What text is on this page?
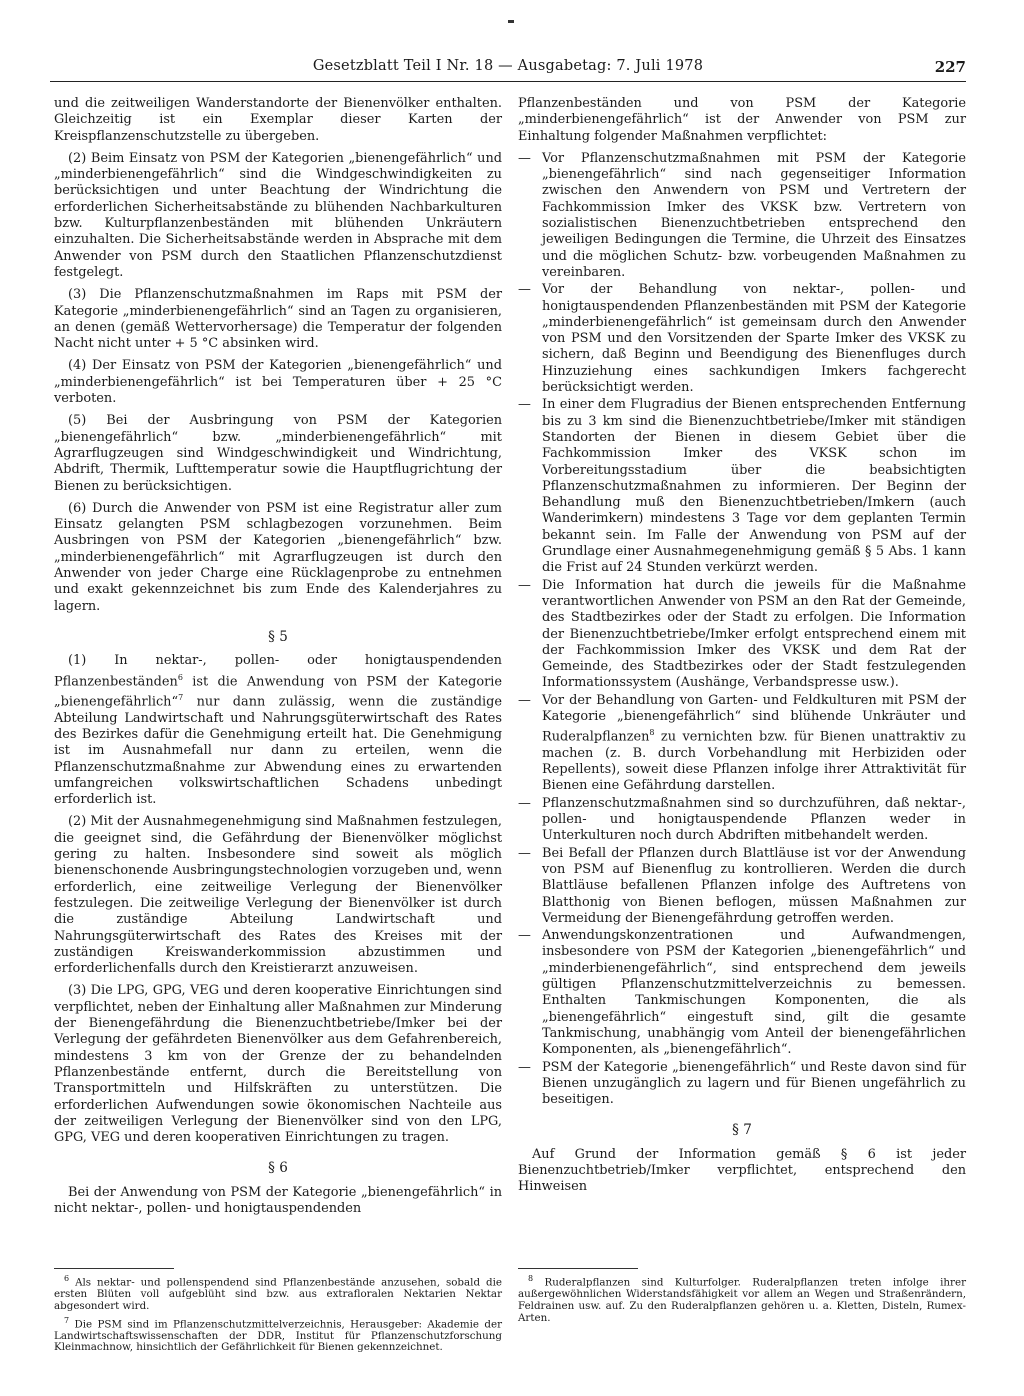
Gesetzblatt Teil I Nr. 18 — Ausgabetag: 7. Juli 1978	227

und die zeitweiligen Wanderstandorte der Bienenvölker enthalten. Gleichzeitig ist ein Exemplar dieser Karten der Kreispflanzenschutzstelle zu übergeben.

(2) Beim Einsatz von PSM der Kategorien „bienengefährlich“ und „minderbienengefährlich“ sind die Windgeschwindigkeiten zu berücksichtigen und unter Beachtung der Windrichtung die erforderlichen Sicherheitsabstände zu blühenden Nachbarkulturen bzw. Kulturpflanzenbeständen mit blühenden Unkräutern einzuhalten. Die Sicherheitsabstände werden in Absprache mit dem Anwender von PSM durch den Staatlichen Pflanzenschutzdienst festgelegt.

(3) Die Pflanzenschutzmaßnahmen im Raps mit PSM der Kategorie „minderbienengefährlich“ sind an Tagen zu organisieren, an denen (gemäß Wettervorhersage) die Temperatur der folgenden Nacht nicht unter + 5 °C absinken wird.

(4) Der Einsatz von PSM der Kategorien „bienengefährlich“ und „minderbienengefährlich“ ist bei Temperaturen über + 25 °C verboten.

(5) Bei der Ausbringung von PSM der Kategorien „bienengefährlich“ bzw. „minderbienengefährlich“ mit Agrarflugzeugen sind Windgeschwindigkeit und Windrichtung, Abdrift, Thermik, Lufttemperatur sowie die Hauptflugrichtung der Bienen zu berücksichtigen.

(6) Durch die Anwender von PSM ist eine Registratur aller zum Einsatz gelangten PSM schlagbezogen vorzunehmen. Beim Ausbringen von PSM der Kategorien „bienengefährlich“ bzw. „minderbienengefährlich“ mit Agrarflugzeugen ist durch den Anwender von jeder Charge eine Rücklagenprobe zu entnehmen und exakt gekennzeichnet bis zum Ende des Kalenderjahres zu lagern.

§ 5

(1) In nektar-, pollen- oder honigtauspendenden Pflanzenbeständen$^6$ ist die Anwendung von PSM der Kategorie „bienengefährlich“$^7$ nur dann zulässig, wenn die zuständige Abteilung Landwirtschaft und Nahrungsgüterwirtschaft des Rates des Bezirkes dafür die Genehmigung erteilt hat. Die Genehmigung ist im Ausnahmefall nur dann zu erteilen, wenn die Pflanzenschutzmaßnahme zur Abwendung eines zu erwartenden umfangreichen volkswirtschaftlichen Schadens unbedingt erforderlich ist.

(2) Mit der Ausnahmegenehmigung sind Maßnahmen festzulegen, die geeignet sind, die Gefährdung der Bienenvölker möglichst gering zu halten. Insbesondere sind soweit als möglich bienenschonende Ausbringungstechnologien vorzugeben und, wenn erforderlich, eine zeitweilige Verlegung der Bienenvölker festzulegen. Die zeitweilige Verlegung der Bienenvölker ist durch die zuständige Abteilung Landwirtschaft und Nahrungsgüterwirtschaft des Rates des Kreises mit der zuständigen Kreiswanderkommission abzustimmen und erforderlichenfalls durch den Kreistierarzt anzuweisen.

(3) Die LPG, GPG, VEG und deren kooperative Einrichtungen sind verpflichtet, neben der Einhaltung aller Maßnahmen zur Minderung der Bienengefährdung die Bienenzuchtbetriebe/Imker bei der Verlegung der gefährdeten Bienenvölker aus dem Gefahrenbereich, mindestens 3 km von der Grenze der zu behandelnden Pflanzenbestände entfernt, durch die Bereitstellung von Transportmitteln und Hilfskräften zu unterstützen. Die erforderlichen Aufwendungen sowie ökonomischen Nachteile aus der zeitweiligen Verlegung der Bienenvölker sind von den LPG, GPG, VEG und deren kooperativen Einrichtungen zu tragen.

§ 6

Bei der Anwendung von PSM der Kategorie „bienengefährlich“ in nicht nektar-, pollen- und honigtauspendenden

Pflanzenbeständen und von PSM der Kategorie „minderbienengefährlich“ ist der Anwender von PSM zur Einhaltung folgender Maßnahmen verpflichtet:

— Vor Pflanzenschutzmaßnahmen mit PSM der Kategorie „bienengefährlich“ sind nach gegenseitiger Information zwischen den Anwendern von PSM und Vertretern der Fachkommission Imker des VKSK bzw. Vertretern von sozialistischen Bienenzuchtbetrieben entsprechend den jeweiligen Bedingungen die Termine, die Uhrzeit des Einsatzes und die möglichen Schutz- bzw. vorbeugenden Maßnahmen zu vereinbaren.
— Vor der Behandlung von nektar-, pollen- und honigtauspendenden Pflanzenbeständen mit PSM der Kategorie „minderbienengefährlich“ ist gemeinsam durch den Anwender von PSM und den Vorsitzenden der Sparte Imker des VKSK zu sichern, daß Beginn und Beendigung des Bienenfluges durch Hinzuziehung eines sachkundigen Imkers fachgerecht berücksichtigt werden.
— In einer dem Flugradius der Bienen entsprechenden Entfernung bis zu 3 km sind die Bienenzuchtbetriebe/Imker mit ständigen Standorten der Bienen in diesem Gebiet über die Fachkommission Imker des VKSK schon im Vorbereitungsstadium über die beabsichtigten Pflanzenschutzmaßnahmen zu informieren. Der Beginn der Behandlung muß den Bienenzuchtbetrieben/Imkern (auch Wanderimkern) mindestens 3 Tage vor dem geplanten Termin bekannt sein. Im Falle der Anwendung von PSM auf der Grundlage einer Ausnahmegenehmigung gemäß § 5 Abs. 1 kann die Frist auf 24 Stunden verkürzt werden.
— Die Information hat durch die jeweils für die Maßnahme verantwortlichen Anwender von PSM an den Rat der Gemeinde, des Stadtbezirkes oder der Stadt zu erfolgen. Die Information der Bienenzuchtbetriebe/Imker erfolgt entsprechend einem mit der Fachkommission Imker des VKSK und dem Rat der Gemeinde, des Stadtbezirkes oder der Stadt festzulegenden Informationssystem (Aushänge, Verbandspresse usw.).
— Vor der Behandlung von Garten- und Feldkulturen mit PSM der Kategorie „bienengefährlich“ sind blühende Unkräuter und Ruderalpflanzen$^8$ zu vernichten bzw. für Bienen unattraktiv zu machen (z. B. durch Vorbehandlung mit Herbiziden oder Repellents), soweit diese Pflanzen infolge ihrer Attraktivität für Bienen eine Gefährdung darstellen.
— Pflanzenschutzmaßnahmen sind so durchzuführen, daß nektar-, pollen- und honigtauspendende Pflanzen weder in Unterkulturen noch durch Abdriften mitbehandelt werden.
— Bei Befall der Pflanzen durch Blattläuse ist vor der Anwendung von PSM auf Bienenflug zu kontrollieren. Werden die durch Blattläuse befallenen Pflanzen infolge des Auftretens von Blatthonig von Bienen beflogen, müssen Maßnahmen zur Vermeidung der Bienengefährdung getroffen werden.
— Anwendungskonzentrationen und Aufwandmengen, insbesondere von PSM der Kategorien „bienengefährlich“ und „minderbienengefährlich“, sind entsprechend dem jeweils gültigen Pflanzenschutzmittelverzeichnis zu bemessen. Enthalten Tankmischungen Komponenten, die als „bienengefährlich“ eingestuft sind, gilt die gesamte Tankmischung, unabhängig vom Anteil der bienengefährlichen Komponenten, als „bienengefährlich“.
— PSM der Kategorie „bienengefährlich“ und Reste davon sind für Bienen unzugänglich zu lagern und für Bienen ungefährlich zu beseitigen.
§ 7

Auf Grund der Information gemäß § 6 ist jeder Bienenzuchtbetrieb/Imker verpflichtet, entsprechend den Hinweisen

$^6$ Als nektar- und pollenspendend sind Pflanzenbestände anzusehen, sobald die ersten Blüten voll aufgeblüht sind bzw. aus extrafloralen Nektarien Nektar abgesondert wird.

$^7$ Die PSM sind im Pflanzenschutzmittelverzeichnis, Herausgeber: Akademie der Landwirtschaftswissenschaften der DDR, Institut für Pflanzenschutzforschung Kleinmachnow, hinsichtlich der Gefährlichkeit für Bienen gekennzeichnet.

$^8$ Ruderalpflanzen sind Kulturfolger. Ruderalpflanzen treten infolge ihrer außergewöhnlichen Widerstandsfähigkeit vor allem an Wegen und Straßenrändern, Feldrainen usw. auf. Zu den Ruderalpflanzen gehören u. a. Kletten, Disteln, Rumex-Arten.
